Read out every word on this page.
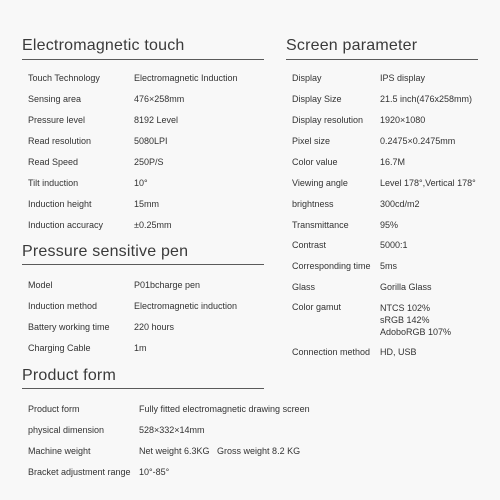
Electromagnetic touch
Touch Technology	Electromagnetic Induction
Sensing area	476×258mm
Pressure level	8192 Level
Read resolution	5080LPI
Read Speed	250P/S
Tilt induction	10°
Induction height	15mm
Induction accuracy	±0.25mm
Pressure sensitive pen
Model	P01bcharge pen
Induction method	Electromagnetic induction
Battery working time	220 hours
Charging Cable	1m
Product form
Product form	Fully fitted electromagnetic drawing screen
physical dimension	528×332×14mm
Machine weight	Net weight 6.3KG   Gross weight 8.2 KG
Bracket adjustment range 10°-85°
Screen parameter
Display	IPS display
Display Size	21.5 inch(476x258mm)
Display resolution 1920×1080
Pixel size	0.2475×0.2475mm
Color value	16.7M
Viewing angle	Level 178°,Vertical 178°
brightness	300cd/m2
Transmittance	95%
Contrast	5000:1
Corresponding time 5ms
Glass	Gorilla Glass
Color gamut	NTCS 102%
sRGB 142%
AdoboRGB 107%
Connection method HD, USB
